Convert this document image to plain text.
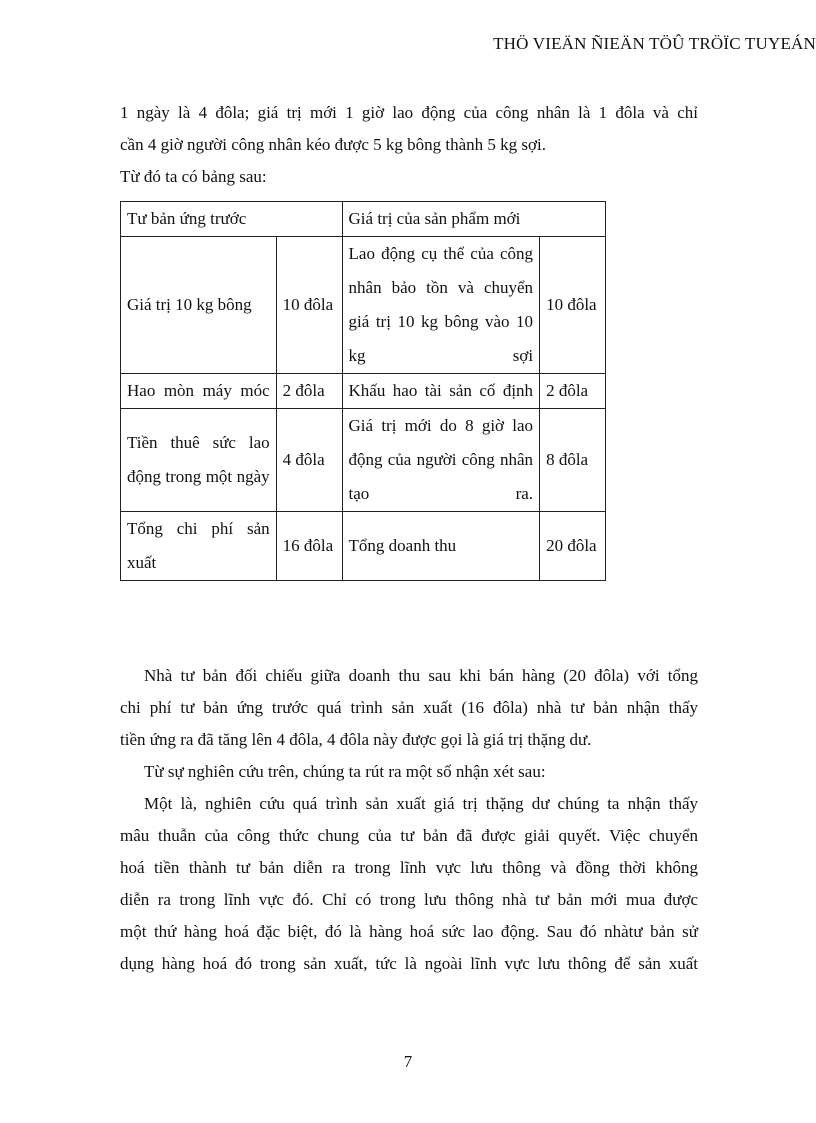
THÖ VIEÄN ÑIEÄN TÖÛ TRÖÏC TUYEÁN
1 ngày là 4 đôla; giá trị mới 1 giờ lao động của công nhân là 1 đôla và chỉ
cần 4 giờ người công nhân kéo được 5 kg bông thành 5 kg sợi.
Từ đó ta có bảng sau:
Tư bản ứng trước		Giá trị của sản phẩm mới	
Giá trị 10 kg bông	10 đôla	Lao động cụ thể của công nhân bảo tồn và chuyển giá trị 10 kg bông vào 10 kg sợi	10 đôla
Hao mòn máy móc	2 đôla	Khấu hao tài sản cố định	2 đôla
Tiền thuê sức lao động trong một ngày	4 đôla	Giá trị mới do 8 giờ lao động của người công nhân tạo ra.	8 đôla
Tổng chi phí sản xuất	16 đôla	Tổng doanh thu	20 đôla
Nhà tư bản đối chiếu giữa doanh thu sau khi bán hàng (20 đôla) với tổng
chi phí tư bản ứng trước quá trình sản xuất (16 đôla) nhà tư bản nhận thấy
tiền ứng ra đã tăng lên 4 đôla, 4 đôla này được gọi là giá trị thặng dư.
Từ sự nghiên cứu trên, chúng ta rút ra một số nhận xét sau:
Một là, nghiên cứu quá trình sản xuất giá trị thặng dư chúng ta nhận thấy
mâu thuẫn của công thức chung của tư bản đã được giải quyết. Việc chuyển
hoá tiền thành tư bản diễn ra trong lĩnh vực lưu thông và đồng thời không
diễn ra trong lĩnh vực đó. Chỉ có trong lưu thông nhà tư bản mới mua được
một thứ hàng hoá đặc biệt, đó là hàng hoá sức lao động. Sau đó nhàtư bản sử
dụng hàng hoá đó trong sản xuất, tức là ngoài lĩnh vực lưu thông để sản xuất
7
